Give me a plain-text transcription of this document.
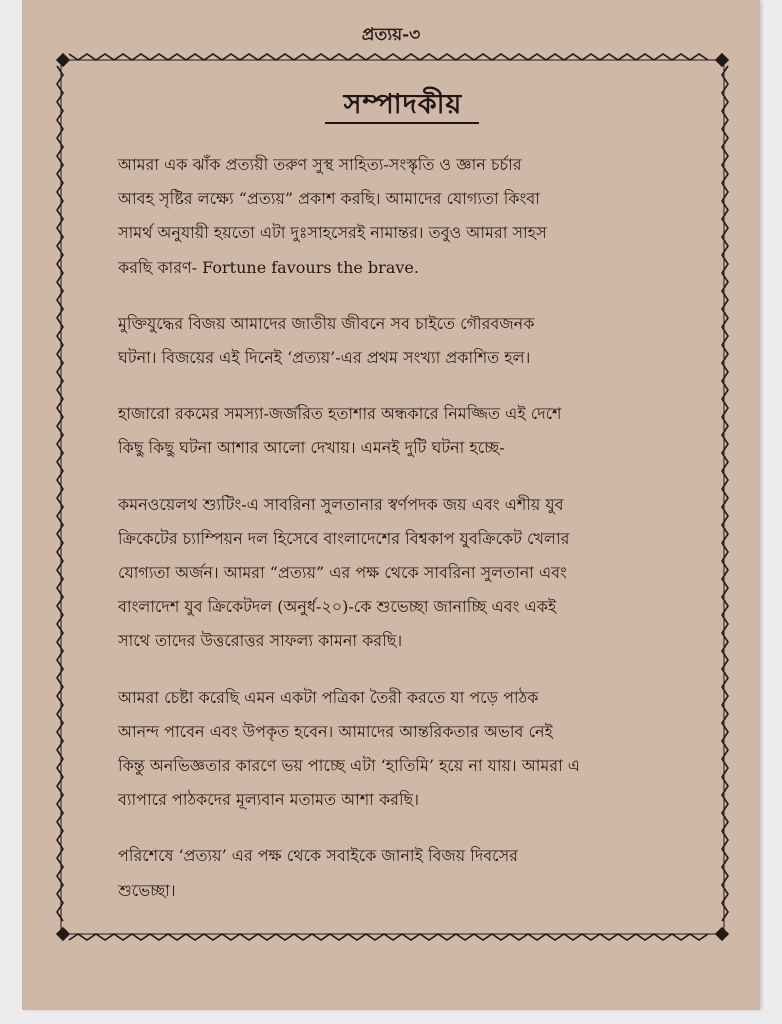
প্রত্যয়-৩
সম্পাদকীয়
আমরা এক ঝাঁক প্রত্যয়ী তরুণ সুস্থ সাহিত্য-সংস্কৃতি ও জ্ঞান চর্চার
আবহ সৃষ্টির লক্ষ্যে “প্রত্যয়” প্রকাশ করছি। আমাদের যোগ্যতা কিংবা
সামর্থ অনুযায়ী হয়তো এটা দুঃসাহসেরই নামান্তর। তবুও আমরা সাহস
করছি কারণ- Fortune favours the brave.
মুক্তিযুদ্ধের বিজয় আমাদের জাতীয় জীবনে সব চাইতে গৌরবজনক
ঘটনা। বিজয়ের এই দিনেই ‘প্রত্যয়’-এর প্রথম সংখ্যা প্রকাশিত হল।
হাজারো রকমের সমস্যা-জর্জরিত হতাশার অন্ধকারে নিমজ্জিত এই দেশে
কিছু কিছু ঘটনা আশার আলো দেখায়। এমনই দুটি ঘটনা হচ্ছে-
কমনওয়েলথ শ্যুটিং-এ সাবরিনা সুলতানার স্বর্ণপদক জয় এবং এশীয় যুব
ক্রিকেটের চ্যাম্পিয়ন দল হিসেবে বাংলাদেশের বিশ্বকাপ যুবক্রিকেট খেলার
যোগ্যতা অর্জন। আমরা “প্রত্যয়” এর পক্ষ থেকে সাবরিনা সুলতানা এবং
বাংলাদেশ যুব ক্রিকেটদল (অনুর্ধ-২০)-কে শুভেচ্ছা জানাচ্ছি এবং একই
সাথে তাদের উত্তরোত্তর সাফল্য কামনা করছি।
আমরা চেষ্টা করেছি এমন একটা পত্রিকা তৈরী করতে যা পড়ে পাঠক
আনন্দ পাবেন এবং উপকৃত হবেন। আমাদের আন্তরিকতার অভাব নেই
কিন্তু অনভিজ্ঞতার কারণে ভয় পাচ্ছে এটা ‘হাতিমি’ হয়ে না যায়। আমরা এ
ব্যাপারে পাঠকদের মূল্যবান মতামত আশা করছি।
পরিশেষে ‘প্রত্যয়’ এর পক্ষ থেকে সবাইকে জানাই বিজয় দিবসের
শুভেচ্ছা।
